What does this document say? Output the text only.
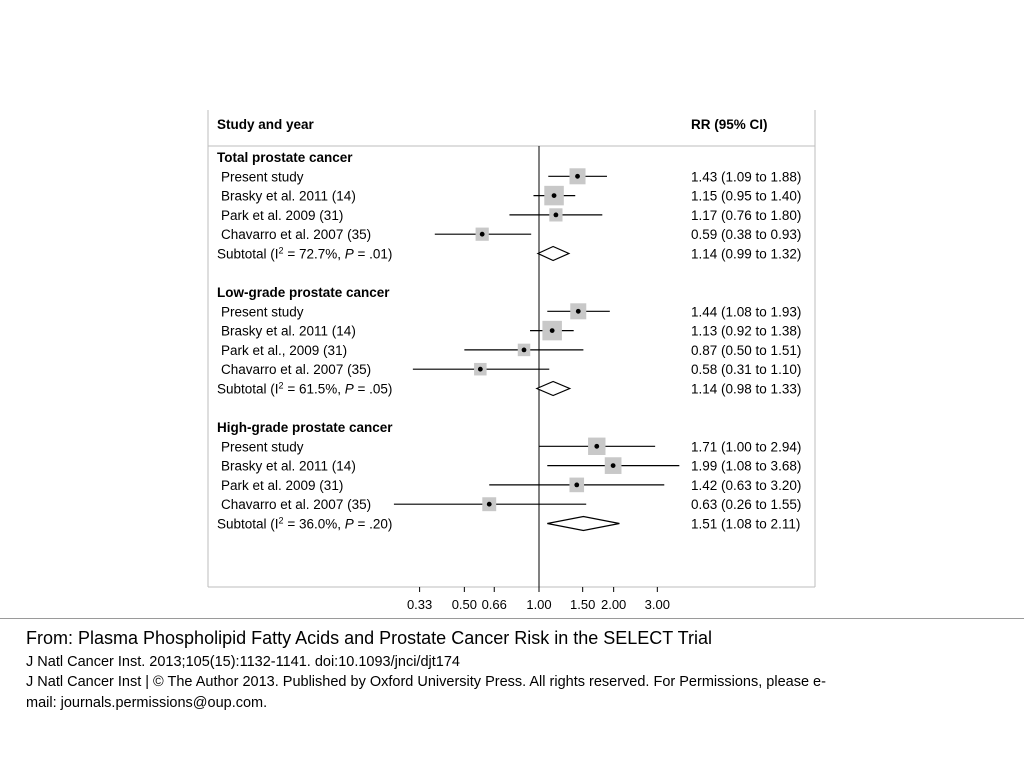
Study and year	RR (95% CI)
Total prostate cancer
Present study	1.43 (1.09 to 1.88)
Brasky et al. 2011 (14)	1.15 (0.95 to 1.40)
Park et al. 2009 (31)	1.17 (0.76 to 1.80)
Chavarro et al. 2007 (35)	0.59 (0.38 to 0.93)
Subtotal ($I^2 = 72.7\%$, P = .01)	1.14 (0.99 to 1.32)
Low-grade prostate cancer
Present study	1.44 (1.08 to 1.93)
Brasky et al. 2011 (14)	1.13 (0.92 to 1.38)
Park et al., 2009 (31)	0.87 (0.50 to 1.51)
Chavarro et al. 2007 (35)	0.58 (0.31 to 1.10)
Subtotal ($I^2 = 61.5\%$, P = .05)	1.14 (0.98 to 1.33)
High-grade prostate cancer
Present study	1.71 (1.00 to 2.94)
Brasky et al. 2011 (14)	1.99 (1.08 to 3.68)
Park et al. 2009 (31)	1.42 (0.63 to 3.20)
Chavarro et al. 2007 (35)	0.63 (0.26 to 1.55)
Subtotal ($I^2 = 36.0\%$, P = .20)	1.51 (1.08 to 2.11)
0.33 0.50 0.66 1.00 1.50 2.00 3.00
From: Plasma Phospholipid Fatty Acids and Prostate Cancer Risk in the SELECT Trial
J Natl Cancer Inst. 2013;105(15):1132-1141. doi:10.1093/jnci/djt174
J Natl Cancer Inst | © The Author 2013. Published by Oxford University Press. All rights reserved. For Permissions, please e-
mail: journals.permissions@oup.com.
